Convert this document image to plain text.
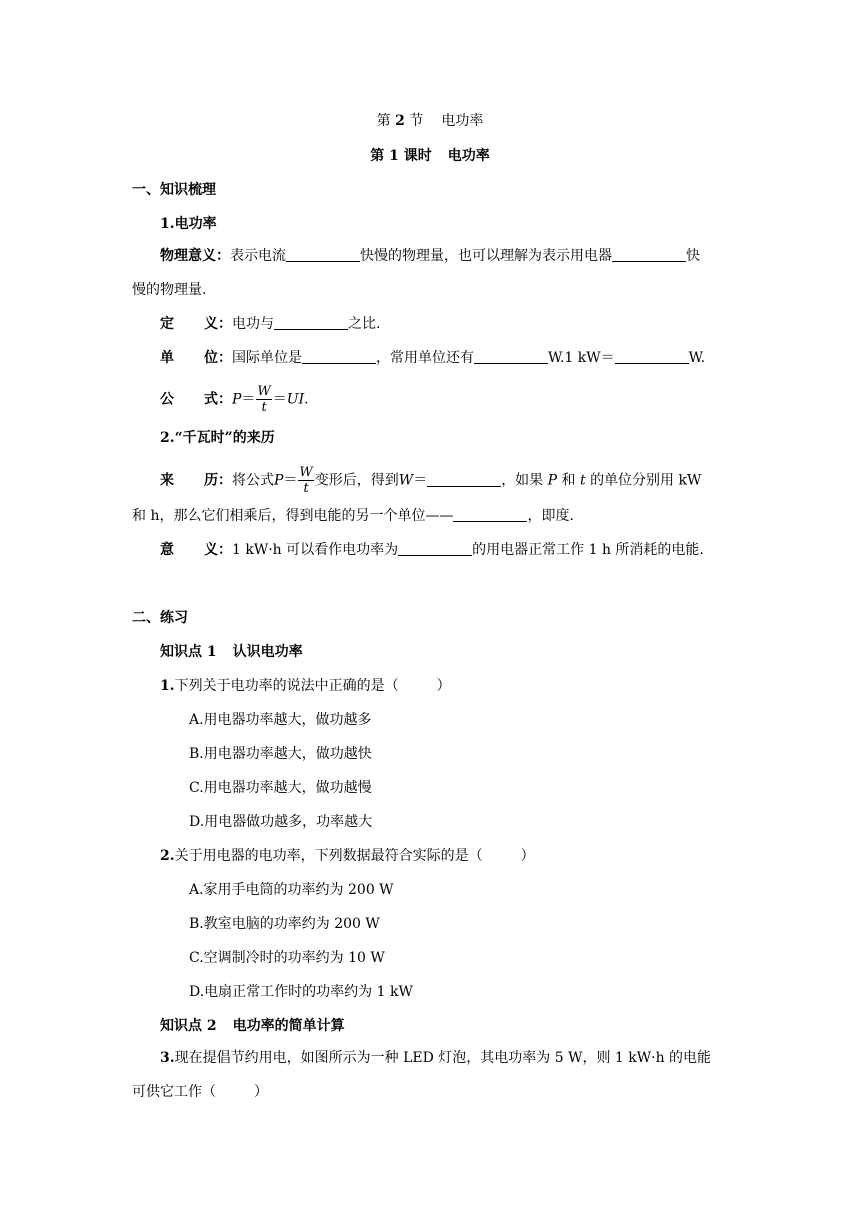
第 2 节 电功率
第 1 课时 电功率
一、知识梳理
1.电功率
物理意义：表示电流	快慢的物理量，也可以理解为表示用电器	快
慢的物理量.
定 义：电功与	之比.
单 位：国际单位是	，常用单位还有	W.1 kW＝	W.
公 式：$P= \frac{W}{t} =UI$.
2.“千瓦时”的来历
来 历：将公式$P= \frac{W}{t}$ 变形后，得到W＝	，如果 P 和 t 的单位分别用 kW
和 h，那么它们相乘后，得到电能的另一个单位——	，即度.
意 义：1 kW·h 可以看作电功率为	的用电器正常工作 1 h 所消耗的电能.
二、练习
知识点 1 认识电功率
1.下列关于电功率的说法中正确的是（	）
A.用电器功率越大，做功越多
B.用电器功率越大，做功越快
C.用电器功率越大，做功越慢
D.用电器做功越多，功率越大
2.关于用电器的电功率，下列数据最符合实际的是（	）
A.家用手电筒的功率约为 200 W
B.教室电脑的功率约为 200 W
C.空调制冷时的功率约为 10 W
D.电扇正常工作时的功率约为 1 kW
知识点 2 电功率的简单计算
3.现在提倡节约用电，如图所示为一种 LED 灯泡，其电功率为 5 W，则 1 kW·h 的电能
可供它工作（	）
